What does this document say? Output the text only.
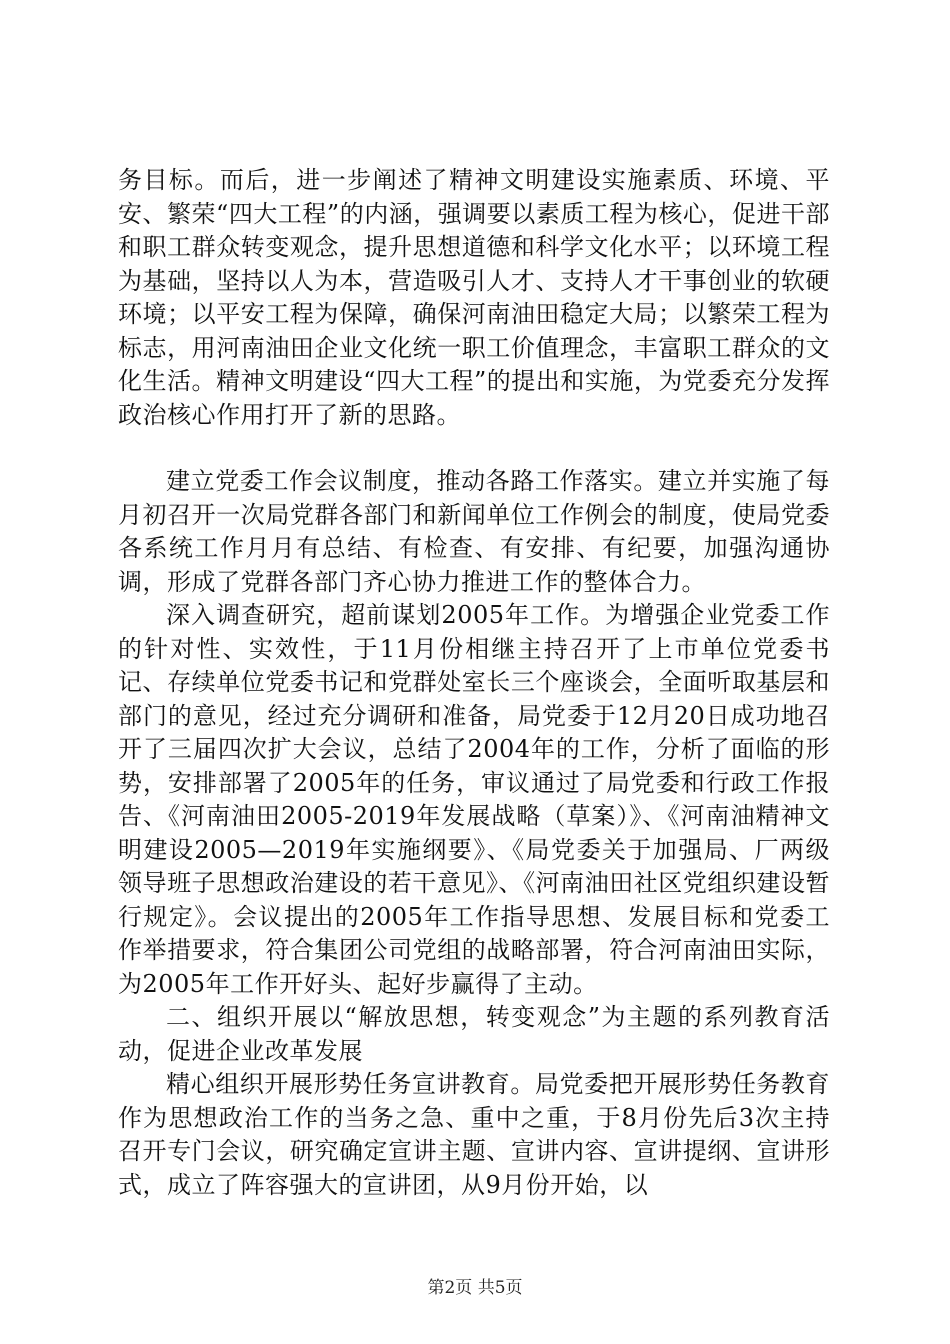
务目标。而后，进一步阐述了精神文明建设实施素质、环境、平安、繁荣“四大工程”的内涵，强调要以素质工程为核心，促进干部和职工群众转变观念，提升思想道德和科学文化水平；以环境工程为基础，坚持以人为本，营造吸引人才、支持人才干事创业的软硬环境；以平安工程为保障，确保河南油田稳定大局；以繁荣工程为标志，用河南油田企业文化统一职工价值理念，丰富职工群众的文化生活。精神文明建设“四大工程”的提出和实施，为党委充分发挥政治核心作用打开了新的思路。

建立党委工作会议制度，推动各路工作落实。建立并实施了每月初召开一次局党群各部门和新闻单位工作例会的制度，使局党委各系统工作月月有总结、有检查、有安排、有纪要，加强沟通协调，形成了党群各部门齐心协力推进工作的整体合力。

深入调查研究，超前谋划2005年工作。为增强企业党委工作的针对性、实效性，于11月份相继主持召开了上市单位党委书记、存续单位党委书记和党群处室长三个座谈会，全面听取基层和部门的意见，经过充分调研和准备，局党委于12月20日成功地召开了三届四次扩大会议，总结了2004年的工作，分析了面临的形势，安排部署了2005年的任务，审议通过了局党委和行政工作报告、《河南油田2005-2019年发展战略（草案）》、《河南油精神文明建设2005—2019年实施纲要》、《局党委关于加强局、厂两级领导班子思想政治建设的若干意见》、《河南油田社区党组织建设暂行规定》。会议提出的2005年工作指导思想、发展目标和党委工作举措要求，符合集团公司党组的战略部署，符合河南油田实际，为2005年工作开好头、起好步赢得了主动。

二、组织开展以“解放思想，转变观念”为主题的系列教育活动，促进企业改革发展

精心组织开展形势任务宣讲教育。局党委把开展形势任务教育作为思想政治工作的当务之急、重中之重，于8月份先后3次主持召开专门会议，研究确定宣讲主题、宣讲内容、宣讲提纲、宣讲形式，成立了阵容强大的宣讲团，从9月份开始，以

第2页 共5页
